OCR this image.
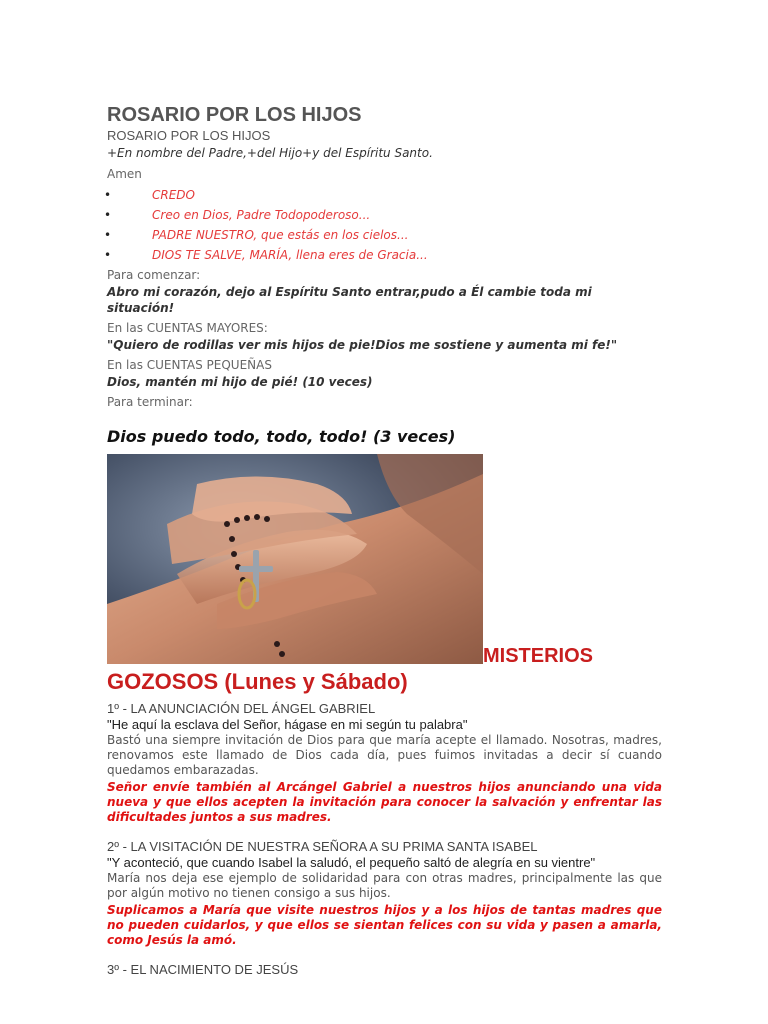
ROSARIO POR LOS HIJOS
ROSARIO POR LOS HIJOS
+En nombre del Padre,+del Hijo+y del Espíritu Santo.
Amen
•	CREDO
•	Creo en Dios, Padre Todopoderoso...
•	PADRE NUESTRO, que estás en los cielos...
•	DIOS TE SALVE, MARÍA, llena eres de Gracia...
Para comenzar:
Abro mi corazón, dejo al Espíritu Santo entrar,pudo a Él cambie toda mi situación!
En las CUENTAS MAYORES:
"Quiero de rodillas ver mis hijos de pie!Dios me sostiene y aumenta mi fe!"
En las CUENTAS PEQUEÑAS
Dios, mantén mi hijo de pié! (10 veces)
Para terminar:
Dios puedo todo, todo, todo! (3 veces)
MISTERIOS
GOZOSOS (Lunes y Sábado)
1º - LA ANUNCIACIÓN DEL ÁNGEL GABRIEL
"He aquí la esclava del Señor, hágase en mi según tu palabra"
Bastó una siempre invitación de Dios para que maría acepte el llamado. Nosotras, madres, renovamos este llamado de Dios cada día, pues fuimos invitadas a decir sí cuando quedamos embarazadas.
Señor envíe también al Arcángel Gabriel a nuestros hijos anunciando una vida nueva y que ellos acepten la invitación para conocer la salvación y enfrentar las dificultades juntos a sus madres.
2º - LA VISITACIÓN DE NUESTRA SEÑORA A SU PRIMA SANTA ISABEL
"Y aconteció, que cuando Isabel la saludó, el pequeño saltó de alegría en su vientre"
María nos deja ese ejemplo de solidaridad para con otras madres, principalmente las que por algún motivo no tienen consigo a sus hijos.
Suplicamos a María que visite nuestros hijos y a los hijos de tantas madres que no pueden cuidarlos, y que ellos se sientan felices con su vida y pasen a amarla, como Jesús la amó.
3º - EL NACIMIENTO DE JESÚS
